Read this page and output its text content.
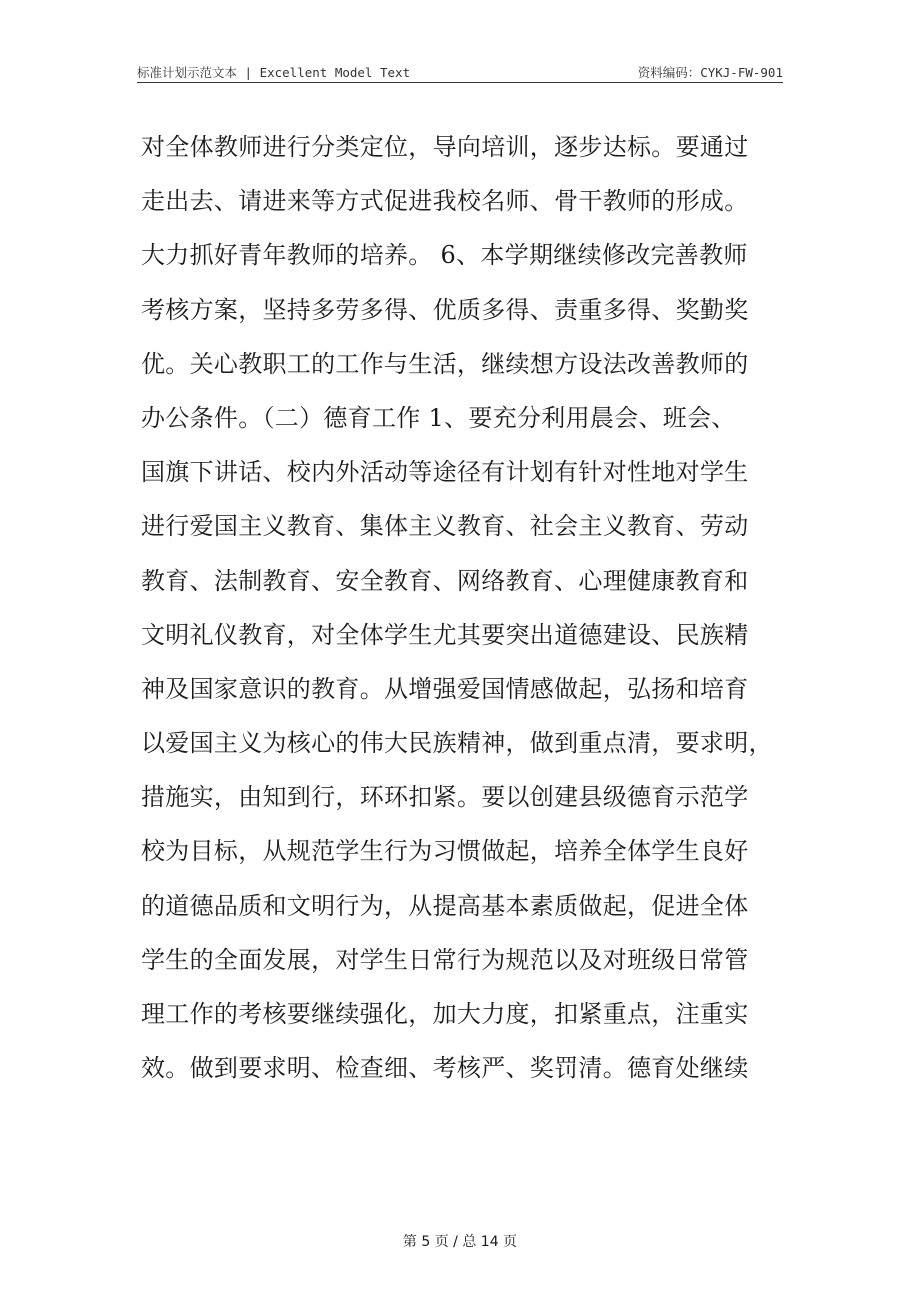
标准计划示范文本 | Excellent Model Text	资料编码：CYKJ-FW-901
对全体教师进行分类定位，导向培训，逐步达标。要通过
走出去、请进来等方式促进我校名师、骨干教师的形成。
大力抓好青年教师的培养。 6、本学期继续修改完善教师
考核方案，坚持多劳多得、优质多得、责重多得、奖勤奖
优。关心教职工的工作与生活，继续想方设法改善教师的
办公条件。（二）德育工作 1、要充分利用晨会、班会、
国旗下讲话、校内外活动等途径有计划有针对性地对学生
进行爱国主义教育、集体主义教育、社会主义教育、劳动
教育、法制教育、安全教育、网络教育、心理健康教育和
文明礼仪教育，对全体学生尤其要突出道德建设、民族精
神及国家意识的教育。从增强爱国情感做起，弘扬和培育
以爱国主义为核心的伟大民族精神，做到重点清，要求明，
措施实，由知到行，环环扣紧。要以创建县级德育示范学
校为目标，从规范学生行为习惯做起，培养全体学生良好
的道德品质和文明行为，从提高基本素质做起，促进全体
学生的全面发展，对学生日常行为规范以及对班级日常管
理工作的考核要继续强化，加大力度，扣紧重点，注重实
效。做到要求明、检查细、考核严、奖罚清。德育处继续
第 5 页 / 总 14 页
